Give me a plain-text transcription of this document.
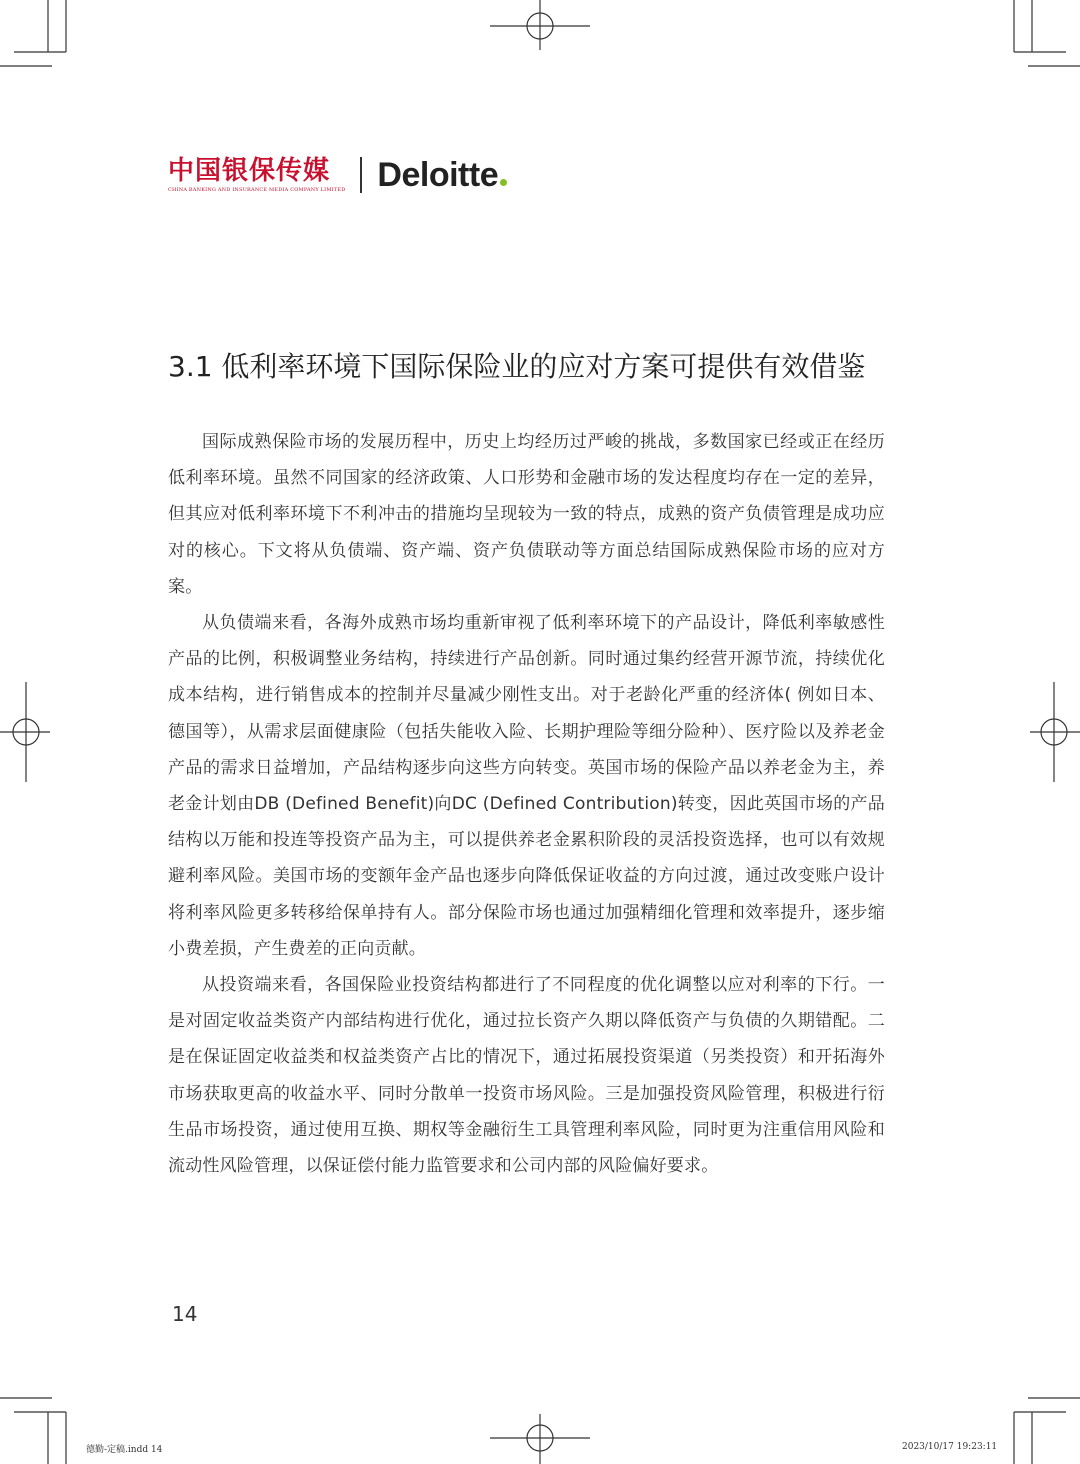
中国银保传媒
CHINA BANKING AND INSURANCE MEDIA COMPANY LIMITED Deloitte
3.1 低利率环境下国际保险业的应对方案可提供有效借鉴

国际成熟保险市场的发展历程中，历史上均经历过严峻的挑战，多数国家已经或正在经历低利率环境。虽然不同国家的经济政策、人口形势和金融市场的发达程度均存在一定的差异，但其应对低利率环境下不利冲击的措施均呈现较为一致的特点，成熟的资产负债管理是成功应对的核心。下文将从负债端、资产端、资产负债联动等方面总结国际成熟保险市场的应对方案。

从负债端来看，各海外成熟市场均重新审视了低利率环境下的产品设计，降低利率敏感性产品的比例，积极调整业务结构，持续进行产品创新。同时通过集约经营开源节流，持续优化成本结构，进行销售成本的控制并尽量减少刚性支出。对于老龄化严重的经济体( 例如日本、德国等），从需求层面健康险（包括失能收入险、长期护理险等细分险种）、医疗险以及养老金产品的需求日益增加，产品结构逐步向这些方向转变。英国市场的保险产品以养老金为主，养老金计划由DB (Defined Benefit)向DC (Defined Contribution)转变，因此英国市场的产品结构以万能和投连等投资产品为主，可以提供养老金累积阶段的灵活投资选择，也可以有效规避利率风险。美国市场的变额年金产品也逐步向降低保证收益的方向过渡，通过改变账户设计将利率风险更多转移给保单持有人。部分保险市场也通过加强精细化管理和效率提升，逐步缩小费差损，产生费差的正向贡献。

从投资端来看，各国保险业投资结构都进行了不同程度的优化调整以应对利率的下行。一是对固定收益类资产内部结构进行优化，通过拉长资产久期以降低资产与负债的久期错配。二是在保证固定收益类和权益类资产占比的情况下，通过拓展投资渠道（另类投资）和开拓海外市场获取更高的收益水平、同时分散单一投资市场风险。三是加强投资风险管理，积极进行衍生品市场投资，通过使用互换、期权等金融衍生工具管理利率风险，同时更为注重信用风险和流动性风险管理，以保证偿付能力监管要求和公司内部的风险偏好要求。

14
德勤-定稿.indd 14	2023/10/17 19:23:11
